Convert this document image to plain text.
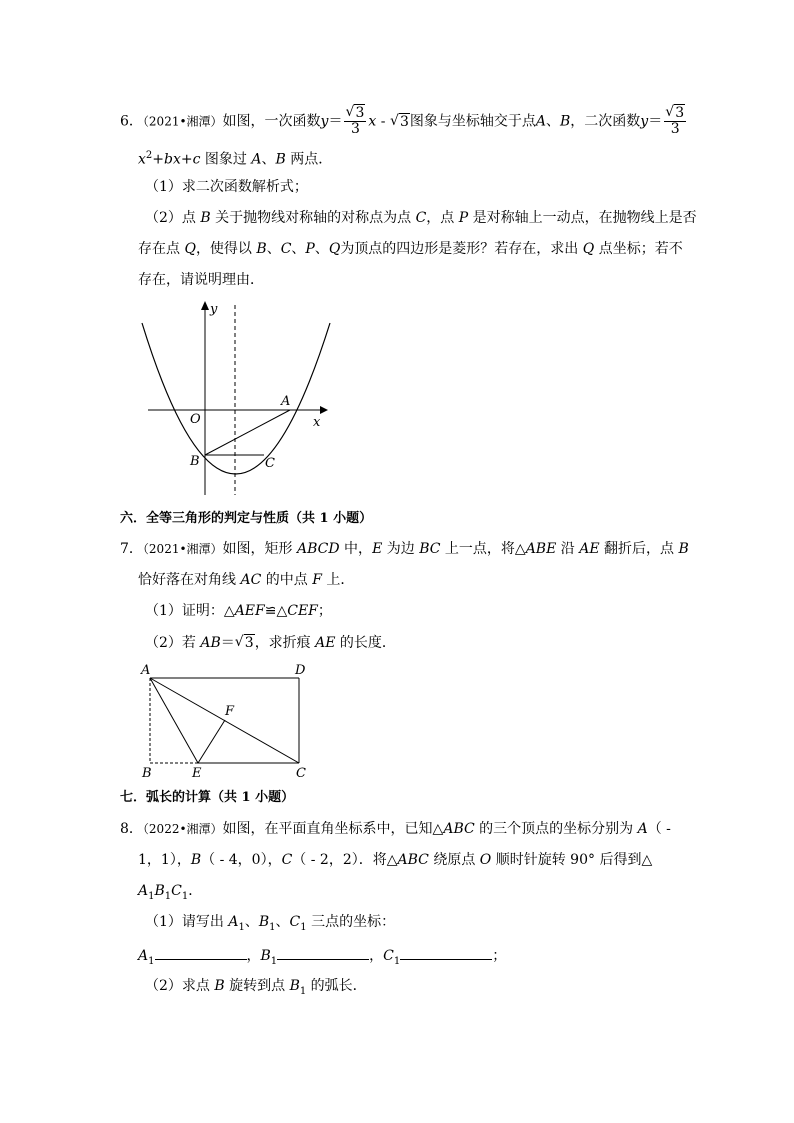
6．（2021•湘潭）如图，一次函数y＝ √ $\frac{3}{3}$ x - √ 3图象与坐标轴交于点A、B，二次函数y＝ √ $\frac{3}{3}$
$x^2+bx+c$ 图象过 A、B 两点．
（1）求二次函数解析式；
（2）点 B 关于抛物线对称轴的对称点为点 C，点 P 是对称轴上一动点，在抛物线上是否
存在点 Q，使得以 B、C、P、Q为顶点的四边形是菱形？若存在，求出 Q 点坐标；若不
存在，请说明理由．
y
x
O
A
B	C
六．全等三角形的判定与性质（共 1 小题）
7．（2021•湘潭）如图，矩形 ABCD 中，E 为边 BC 上一点，将△ABE 沿 AE 翻折后，点 B
恰好落在对角线 AC 的中点 F 上．
（1）证明：△AEF≌△CEF；
（2）若 AB＝ √ 3，求折痕 AE 的长度．
A	D
F
B	E	C
七．弧长的计算（共 1 小题）
8．（2022•湘潭）如图，在平面直角坐标系中，已知△ABC 的三个顶点的坐标分别为 A（ -
1，1），B（ - 4，0），C（ - 2，2）．将△ABC 绕原点 O 顺时针旋转 90° 后得到△
$A_1B_1C_1$．
（1）请写出 $A_1$、$B_1$、$C_1$ 三点的坐标：
$A_1$	，$B_1$	，$C_1$	；
（2）求点 B 旋转到点 $B_1$ 的弧长．
